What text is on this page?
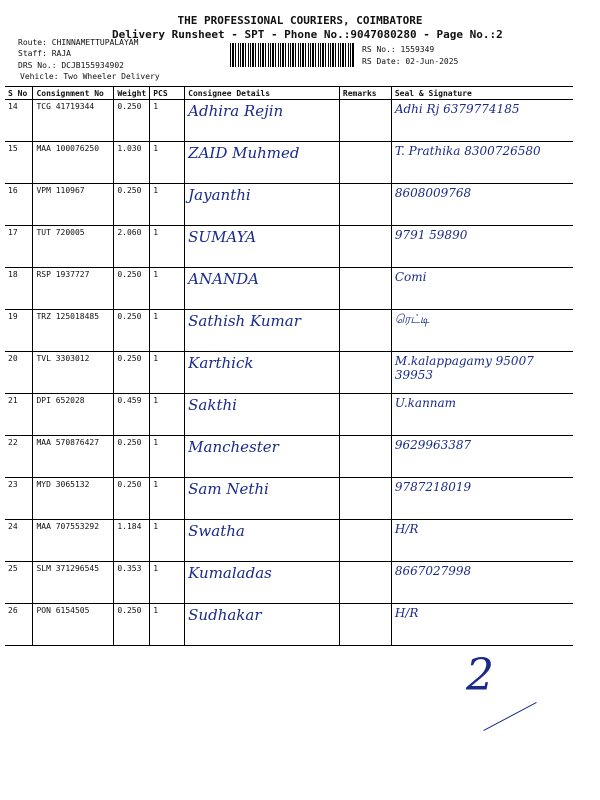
THE PROFESSIONAL COURIERS, COIMBATORE
Delivery Runsheet - SPT - Phone No.:9047080280 - Page No.:2
Route: CHINNAMETTUPALAYAM
Staff: RAJA
DRS No.: DCJB155934902
Vehicle: Two Wheeler Delivery
RS No.: 1559349
RS Date: 02-Jun-2025
S No	Consignment No	Weight	PCS	Consignee Details	Remarks	Seal & Signature
14	TCG 41719344	0.250	1	Adhira Rejin		Adhi Rj 6379774185
15	MAA 100076250	1.030	1	ZAID Muhmed		T. Prathika 8300726580
16	VPM 110967	0.250	1	Jayanthi		8608009768
17	TUT 720005	2.060	1	SUMAYA		9791 59890
18	RSP 1937727	0.250	1	ANANDA		Comi
19	TRZ 125018485	0.250	1	Sathish Kumar		ரெட்டி
20	TVL 3303012	0.250	1	Karthick		M.kalappagamy 95007 39953
21	DPI 652028	0.459	1	Sakthi		U.kannam
22	MAA 570876427	0.250	1	Manchester		9629963387
23	MYD 3065132	0.250	1	Sam Nethi		9787218019
24	MAA 707553292	1.184	1	Swatha		H/R
25	SLM 371296545	0.353	1	Kumaladas		8667027998
26	PON 6154505	0.250	1	Sudhakar		H/R
2
